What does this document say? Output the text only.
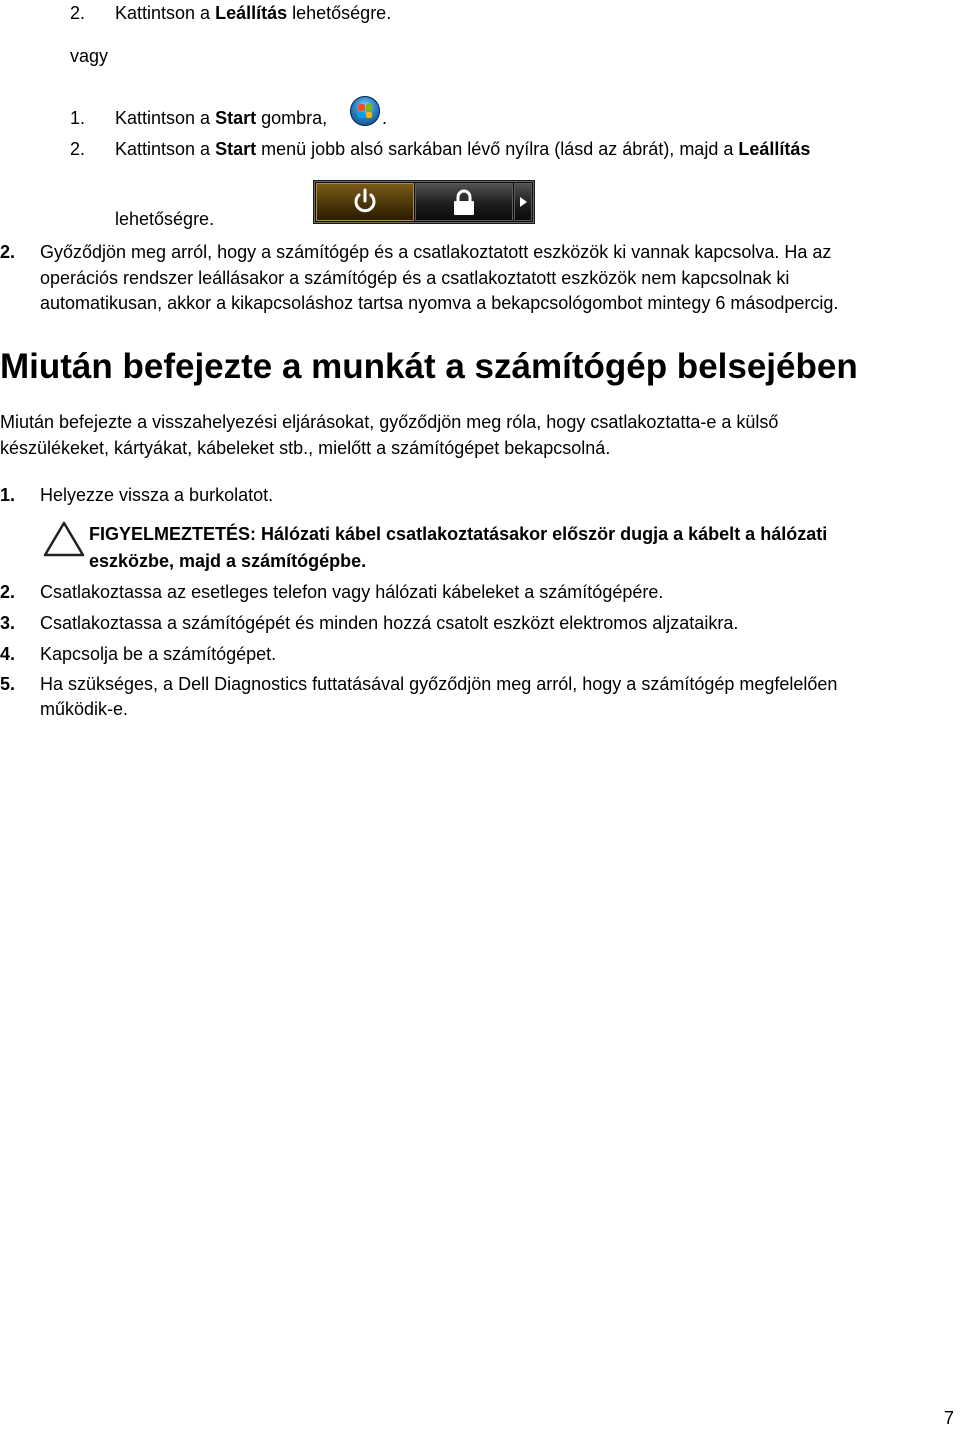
2. Kattintson a Leállítás lehetőségre.
vagy
1. Kattintson a Start gombra,	.
2. Kattintson a Start menü jobb alsó sarkában lévő nyílra (lásd az ábrát), majd a Leállítás
lehetőségre.
2. Győződjön meg arról, hogy a számítógép és a csatlakoztatott eszközök ki vannak kapcsolva. Ha az
operációs rendszer leállásakor a számítógép és a csatlakoztatott eszközök nem kapcsolnak ki
automatikusan, akkor a kikapcsoláshoz tartsa nyomva a bekapcsológombot mintegy 6 másodpercig.
Miután befejezte a munkát a számítógép belsejében
Miután befejezte a visszahelyezési eljárásokat, győződjön meg róla, hogy csatlakoztatta-e a külső
készülékeket, kártyákat, kábeleket stb., mielőtt a számítógépet bekapcsolná.
1. Helyezze vissza a burkolatot.
FIGYELMEZTETÉS: Hálózati kábel csatlakoztatásakor először dugja a kábelt a hálózati
eszközbe, majd a számítógépbe.
2. Csatlakoztassa az esetleges telefon vagy hálózati kábeleket a számítógépére.
3. Csatlakoztassa a számítógépét és minden hozzá csatolt eszközt elektromos aljzataikra.
4. Kapcsolja be a számítógépet.
5. Ha szükséges, a Dell Diagnostics futtatásával győződjön meg arról, hogy a számítógép megfelelően
működik-e.
7
